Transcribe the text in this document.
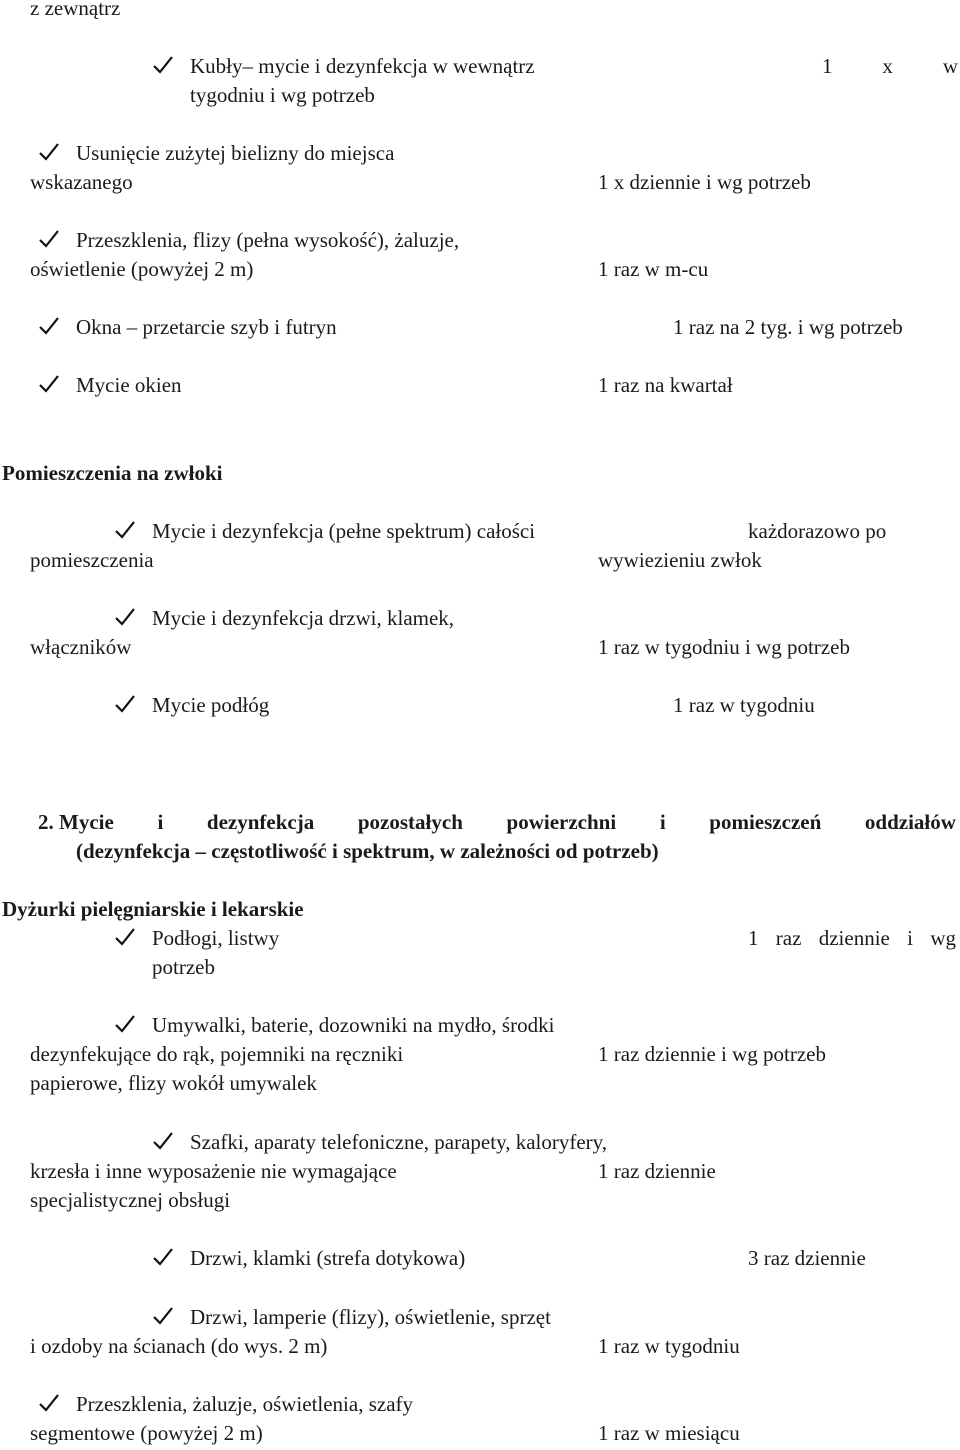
z zewnątrz
Kubły– mycie i dezynfekcja w wewnątrz	1 x w
tygodniu i wg potrzeb
Usunięcie zużytej bielizny do miejsca
wskazanego	1 x dziennie i wg potrzeb
Przeszklenia, flizy (pełna wysokość), żaluzje,
oświetlenie (powyżej 2 m)	1 raz w m-cu
Okna – przetarcie szyb i futryn	1 raz na 2 tyg. i wg potrzeb
Mycie okien	1 raz na kwartał
Pomieszczenia na zwłoki
Mycie i dezynfekcja (pełne spektrum) całości	każdorazowo po
pomieszczenia	wywiezieniu zwłok
Mycie i dezynfekcja drzwi, klamek,
włączników	1 raz w tygodniu i wg potrzeb
Mycie podłóg	1 raz w tygodniu
2. Mycie i dezynfekcja pozostałych powierzchni i pomieszczeń oddziałów
(dezynfekcja – częstotliwość i spektrum, w zależności od potrzeb)
Dyżurki pielęgniarskie i lekarskie
Podłogi, listwy	1 raz dziennie i wg
potrzeb
Umywalki, baterie, dozowniki na mydło, środki
dezynfekujące do rąk, pojemniki na ręczniki	1 raz dziennie i wg potrzeb
papierowe, flizy wokół umywalek
Szafki, aparaty telefoniczne, parapety, kaloryfery,
krzesła i inne wyposażenie nie wymagające	1 raz dziennie
specjalistycznej obsługi
Drzwi, klamki (strefa dotykowa)	3 raz dziennie
Drzwi, lamperie (flizy), oświetlenie, sprzęt
i ozdoby na ścianach (do wys. 2 m)	1 raz w tygodniu
Przeszklenia, żaluzje, oświetlenia, szafy
segmentowe (powyżej 2 m)	1 raz w miesiącu
